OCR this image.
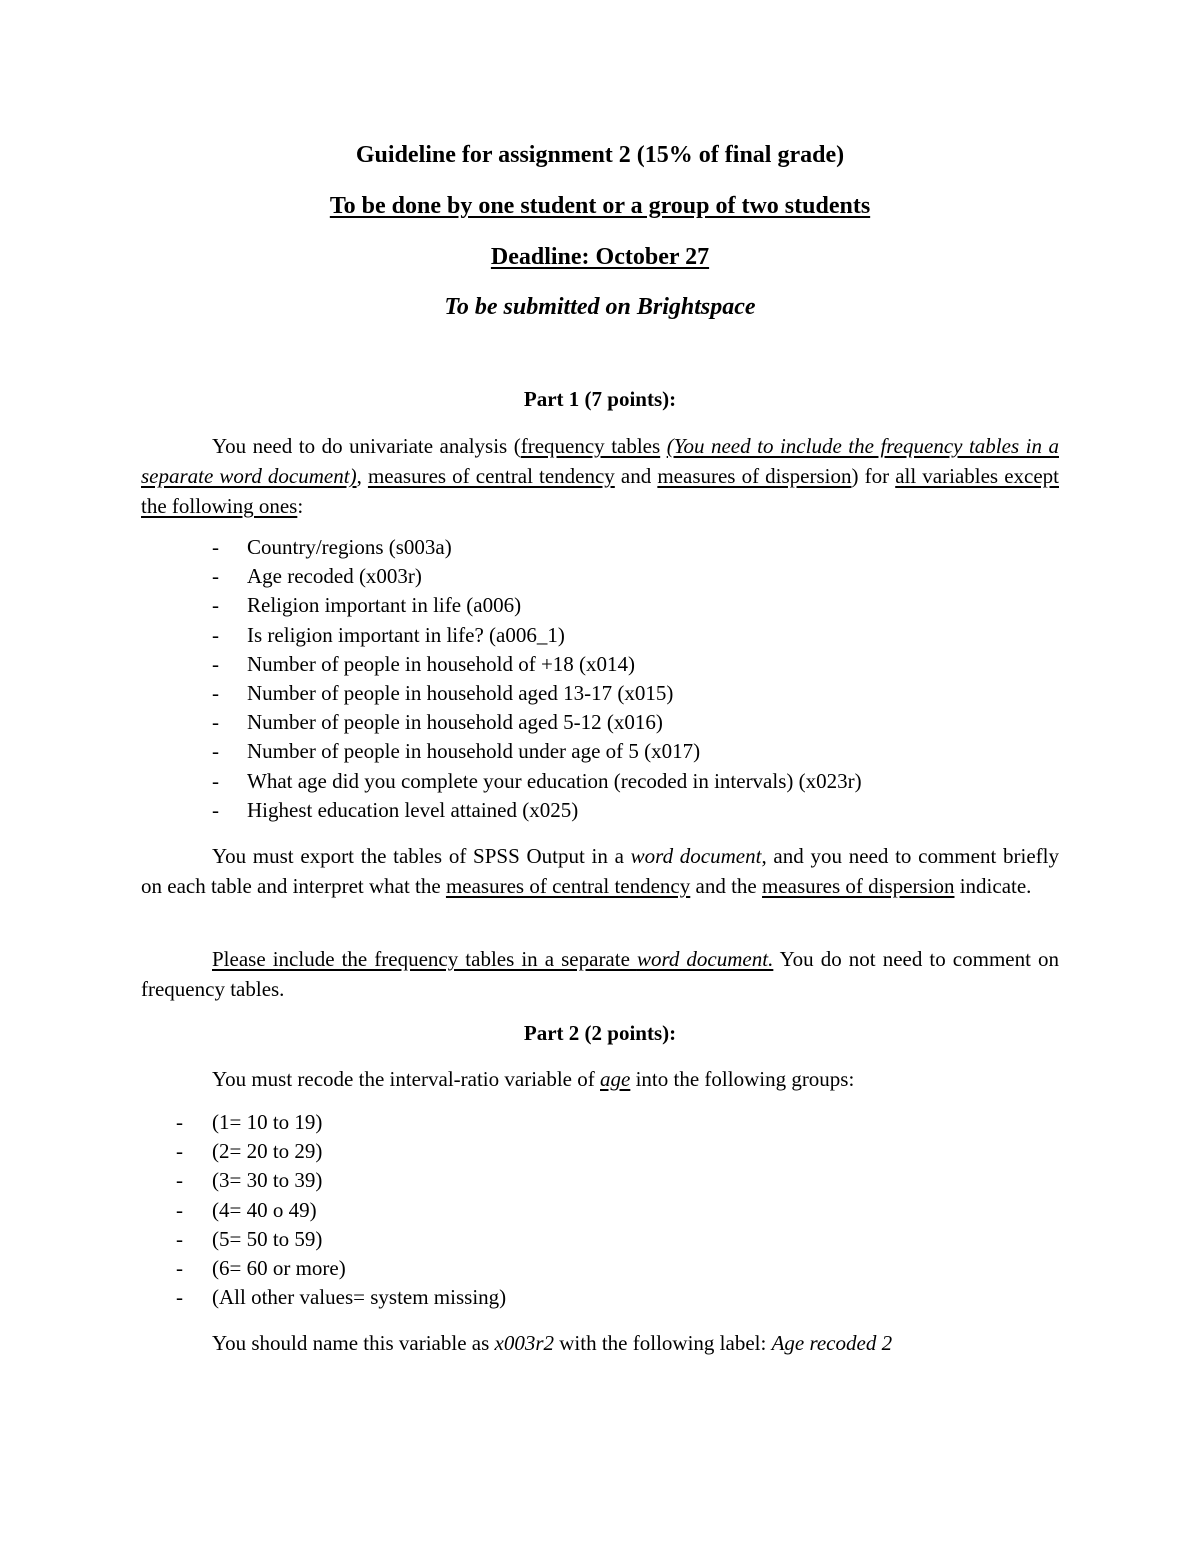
Guideline for assignment 2 (15% of final grade)
To be done by one student or a group of two students
Deadline: October 27
To be submitted on Brightspace
Part 1 (7 points):
You need to do univariate analysis (frequency tables (You need to include the frequency tables in a separate word document), measures of central tendency and measures of dispersion) for all variables except the following ones:
- Country/regions (s003a)
- Age recoded (x003r)
- Religion important in life (a006)
- Is religion important in life? (a006_1)
- Number of people in household of +18 (x014)
- Number of people in household aged 13-17 (x015)
- Number of people in household aged 5-12 (x016)
- Number of people in household under age of 5 (x017)
- What age did you complete your education (recoded in intervals) (x023r)
- Highest education level attained (x025)
You must export the tables of SPSS Output in a word document, and you need to comment briefly on each table and interpret what the measures of central tendency and the measures of dispersion indicate.
Please include the frequency tables in a separate word document. You do not need to comment on frequency tables.
Part 2 (2 points):
You must recode the interval-ratio variable of age into the following groups:
- (1= 10 to 19)
- (2= 20 to 29)
- (3= 30 to 39)
- (4= 40 o 49)
- (5= 50 to 59)
- (6= 60 or more)
- (All other values= system missing)
You should name this variable as x003r2 with the following label: Age recoded 2
